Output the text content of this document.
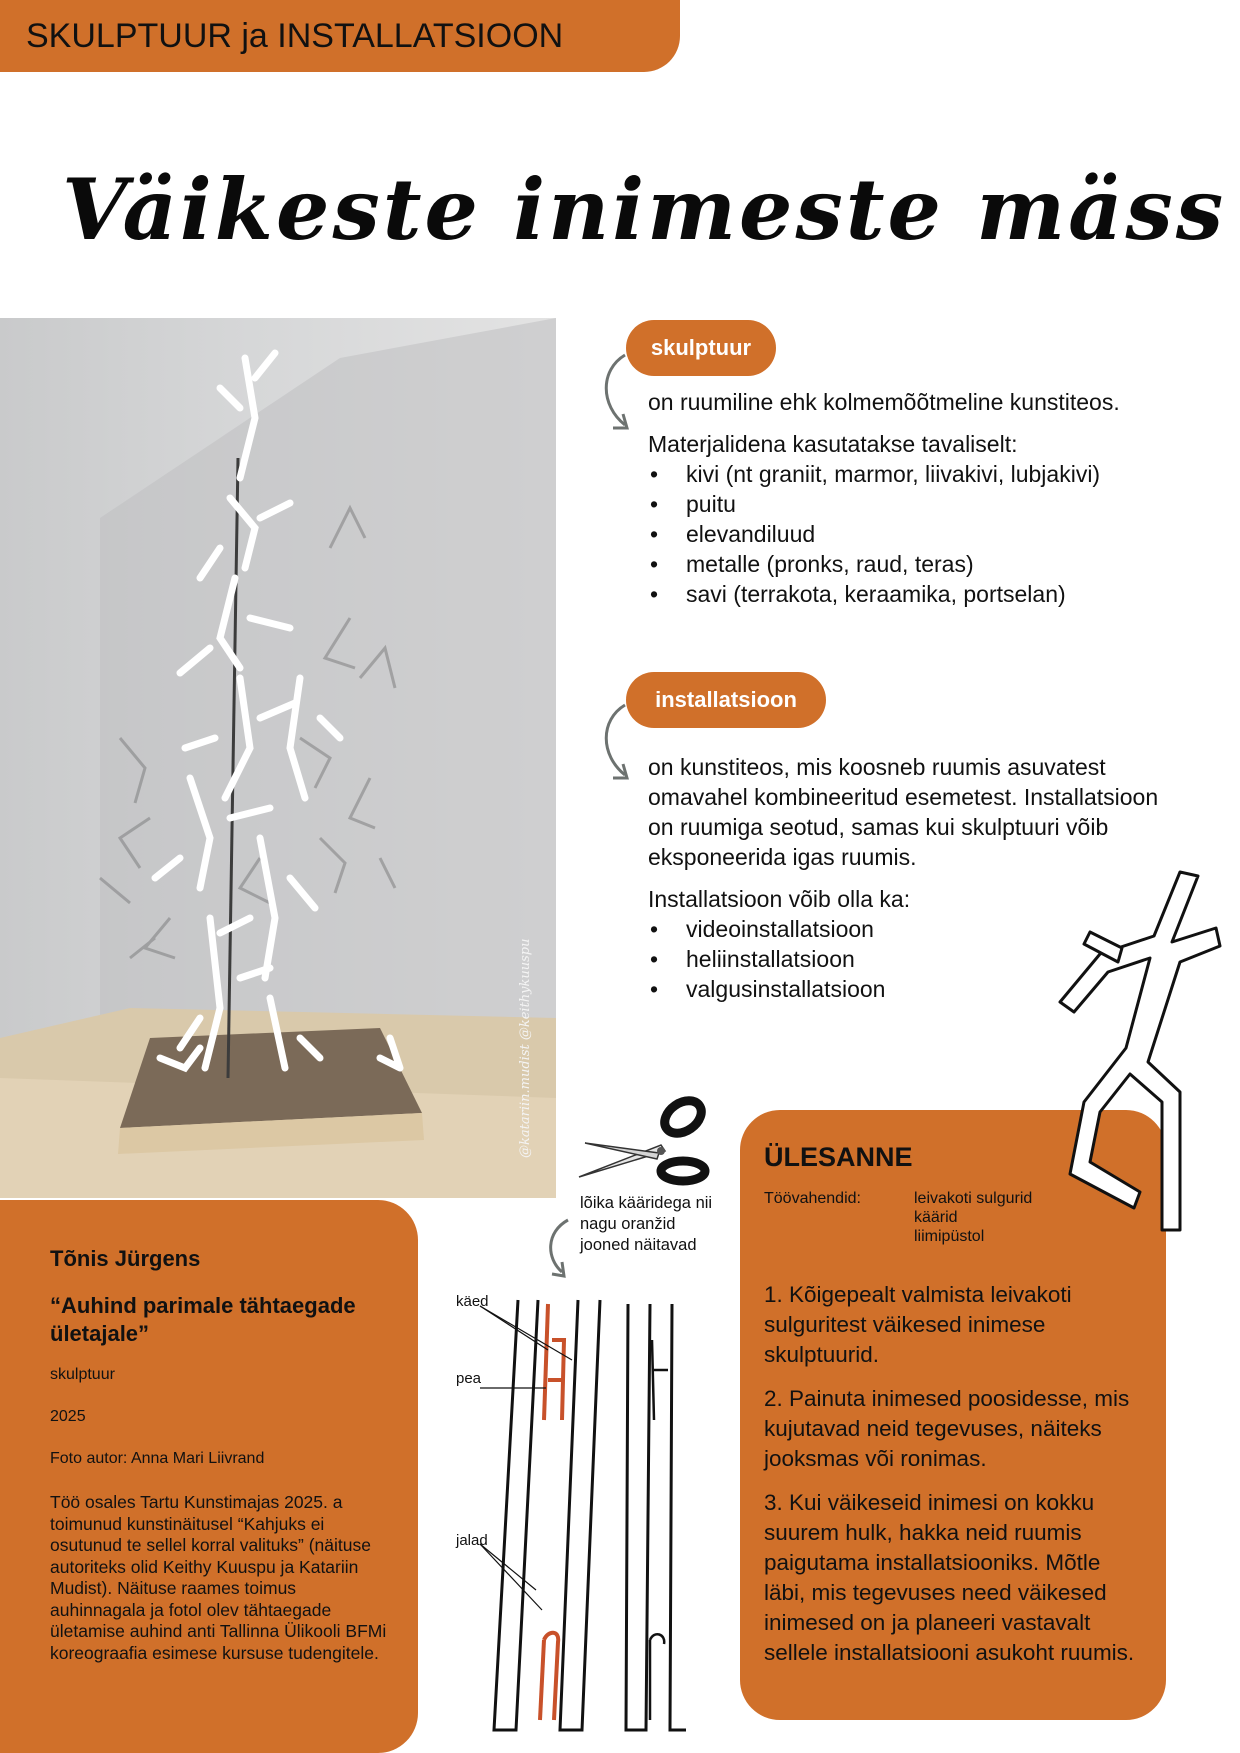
SKULPTUUR ja INSTALLATSIOON
Väikeste inimeste mäss
@katariin.mudist @keithykuuspu
skulptuur

on ruumiline ehk kolmemõõtmeline kunstiteos.

Materjalidena kasutatakse tavaliselt:
• kivi (nt graniit, marmor, liivakivi, lubjakivi)
• puitu
• elevandiluud
• metalle (pronks, raud, teras)
• savi (terrakota, keraamika, portselan)
installatsioon

on kunstiteos, mis koosneb ruumis asuvatest omavahel kombineeritud esemetest. Installatsioon on ruumiga seotud, samas kui skulptuuri võib eksponeerida igas ruumis.

Installatsioon võib olla ka:
• videoinstallatsioon
• heliinstallatsioon
• valgusinstallatsioon
ÜLESANNE
Töövahendid:	leivakoti sulgurid
käärid
liimipüstol

1. Kõigepealt valmista leivakoti sulguritest väikesed inimese skulptuurid.

2. Painuta inimesed poosidesse, mis kujutavad neid tegevuses, näiteks jooksmas või ronimas.

3. Kui väikeseid inimesi on kokku suurem hulk, hakka neid ruumis paigutama installatsiooniks. Mõtle läbi, mis tegevuses need väikesed inimesed on ja planeeri vastavalt sellele installatsiooni asukoht ruumis.

Tõnis Jürgens
“Auhind parimale tähtaegade ületajale”
skulptuur
2025
Foto autor: Anna Mari Liivrand
Töö osales Tartu Kunstimajas 2025. a toimunud kunstinäitusel “Kahjuks ei osutunud te sellel korral valituks” (näituse autoriteks olid Keithy Kuuspu ja Katariin Mudist). Näituse raames toimus auhinnagala ja fotol olev tähtaegade ületamise auhind anti Tallinna Ülikooli BFMi koreograafia esimese kursuse tudengitele.
lõika kääridega nii nagu oranžid jooned näitavad
käed
pea
jalad
